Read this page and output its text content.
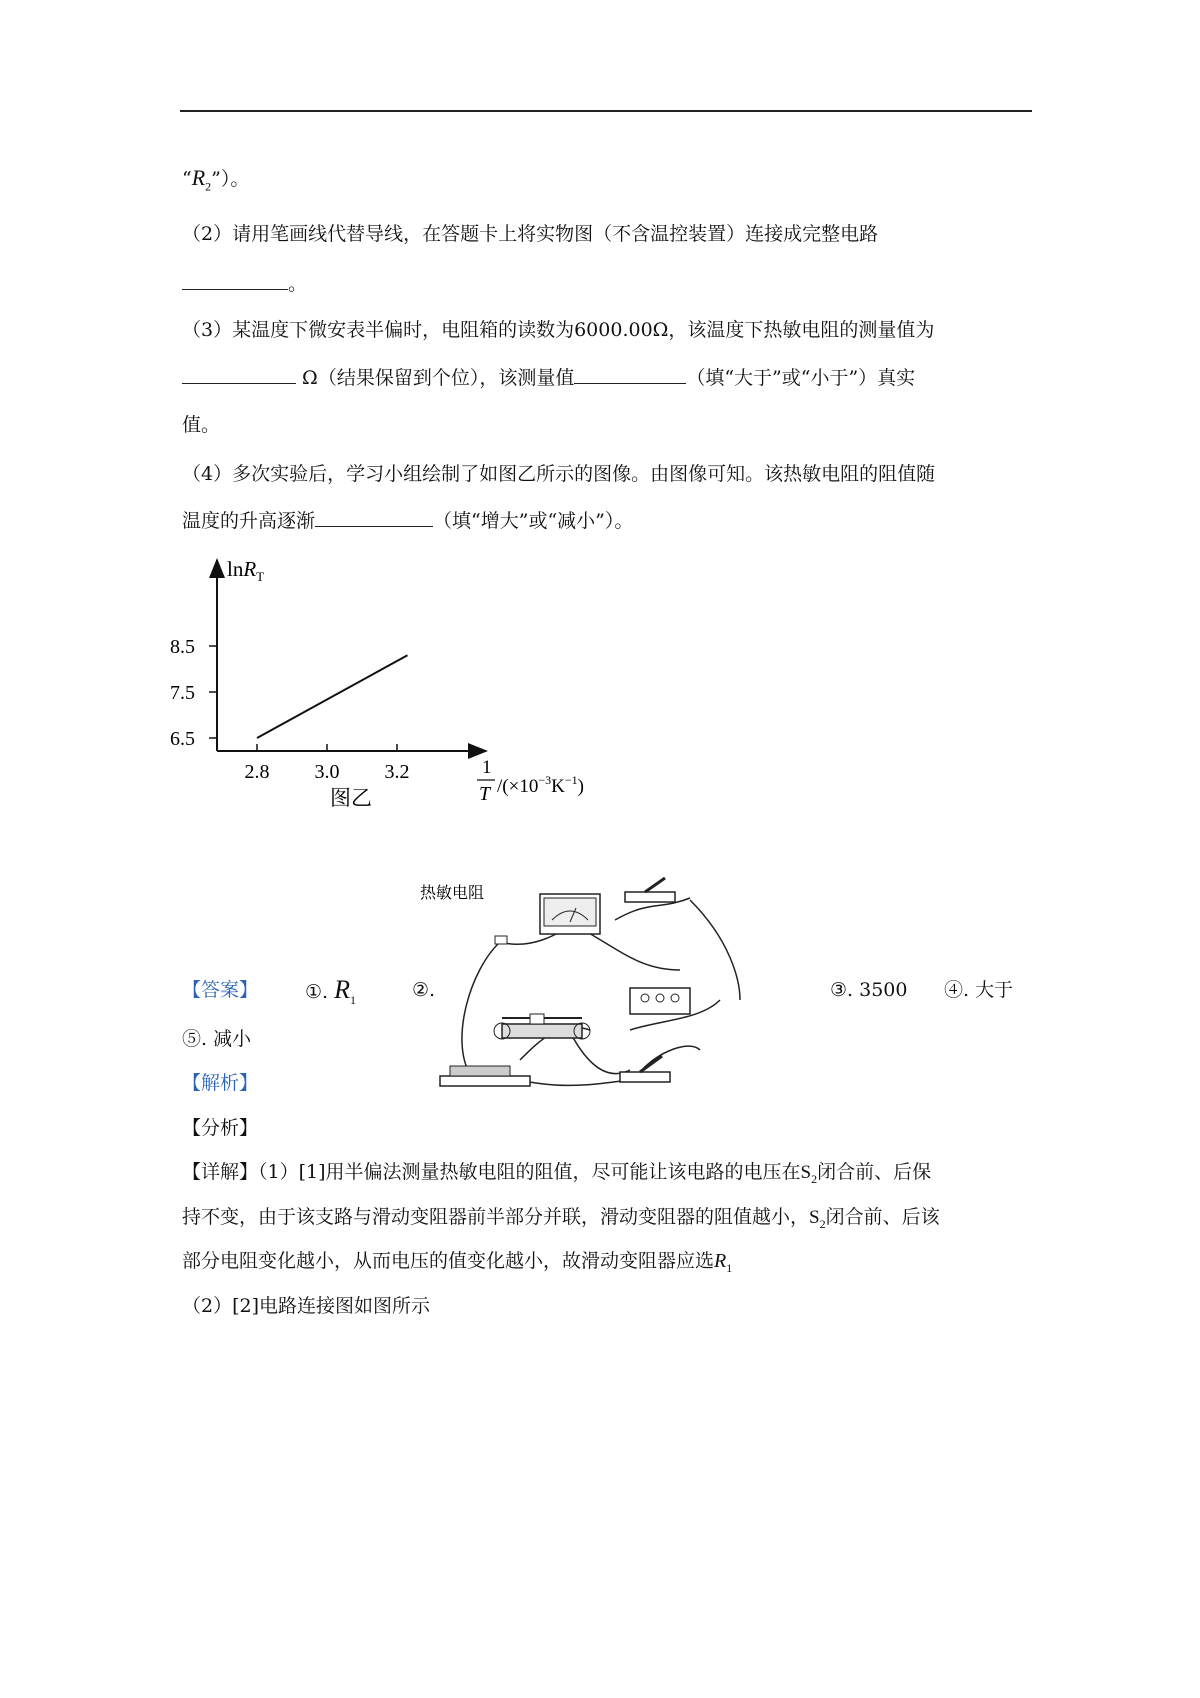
“$R_2$”）。
（2）请用笔画线代替导线，在答题卡上将实物图（不含温控装置）连接成完整电路
。
（3）某温度下微安表半偏时，电阻箱的读数为6000.00Ω，该温度下热敏电阻的测量值为
Ω（结果保留到个位），该测量值	（填“大于”或“小于”）真实
值。
（4）多次实验后，学习小组绘制了如图乙所示的图像。由图像可知。该热敏电阻的阻值随
温度的升高逐渐	（填“增大”或“减小”）。
8.5
7.5
6.5
2.8 3.0 3.2
lnR$_T$
1
T $/(\times 10^{-3}K^{-1})$
图乙
【答案】 ①. $R_1$	②.	③. 3500 ④. 大于
热敏电阻
⑤. 减小
【解析】
【分析】
【详解】（1）[1]用半偏法测量热敏电阻的阻值，尽可能让该电路的电压在$S_2$闭合前、后保
持不变，由于该支路与滑动变阻器前半部分并联，滑动变阻器的阻值越小，$S_2$闭合前、后该
部分电阻变化越小，从而电压的值变化越小，故滑动变阻器应选$R_1$
（2）[2]电路连接图如图所示
